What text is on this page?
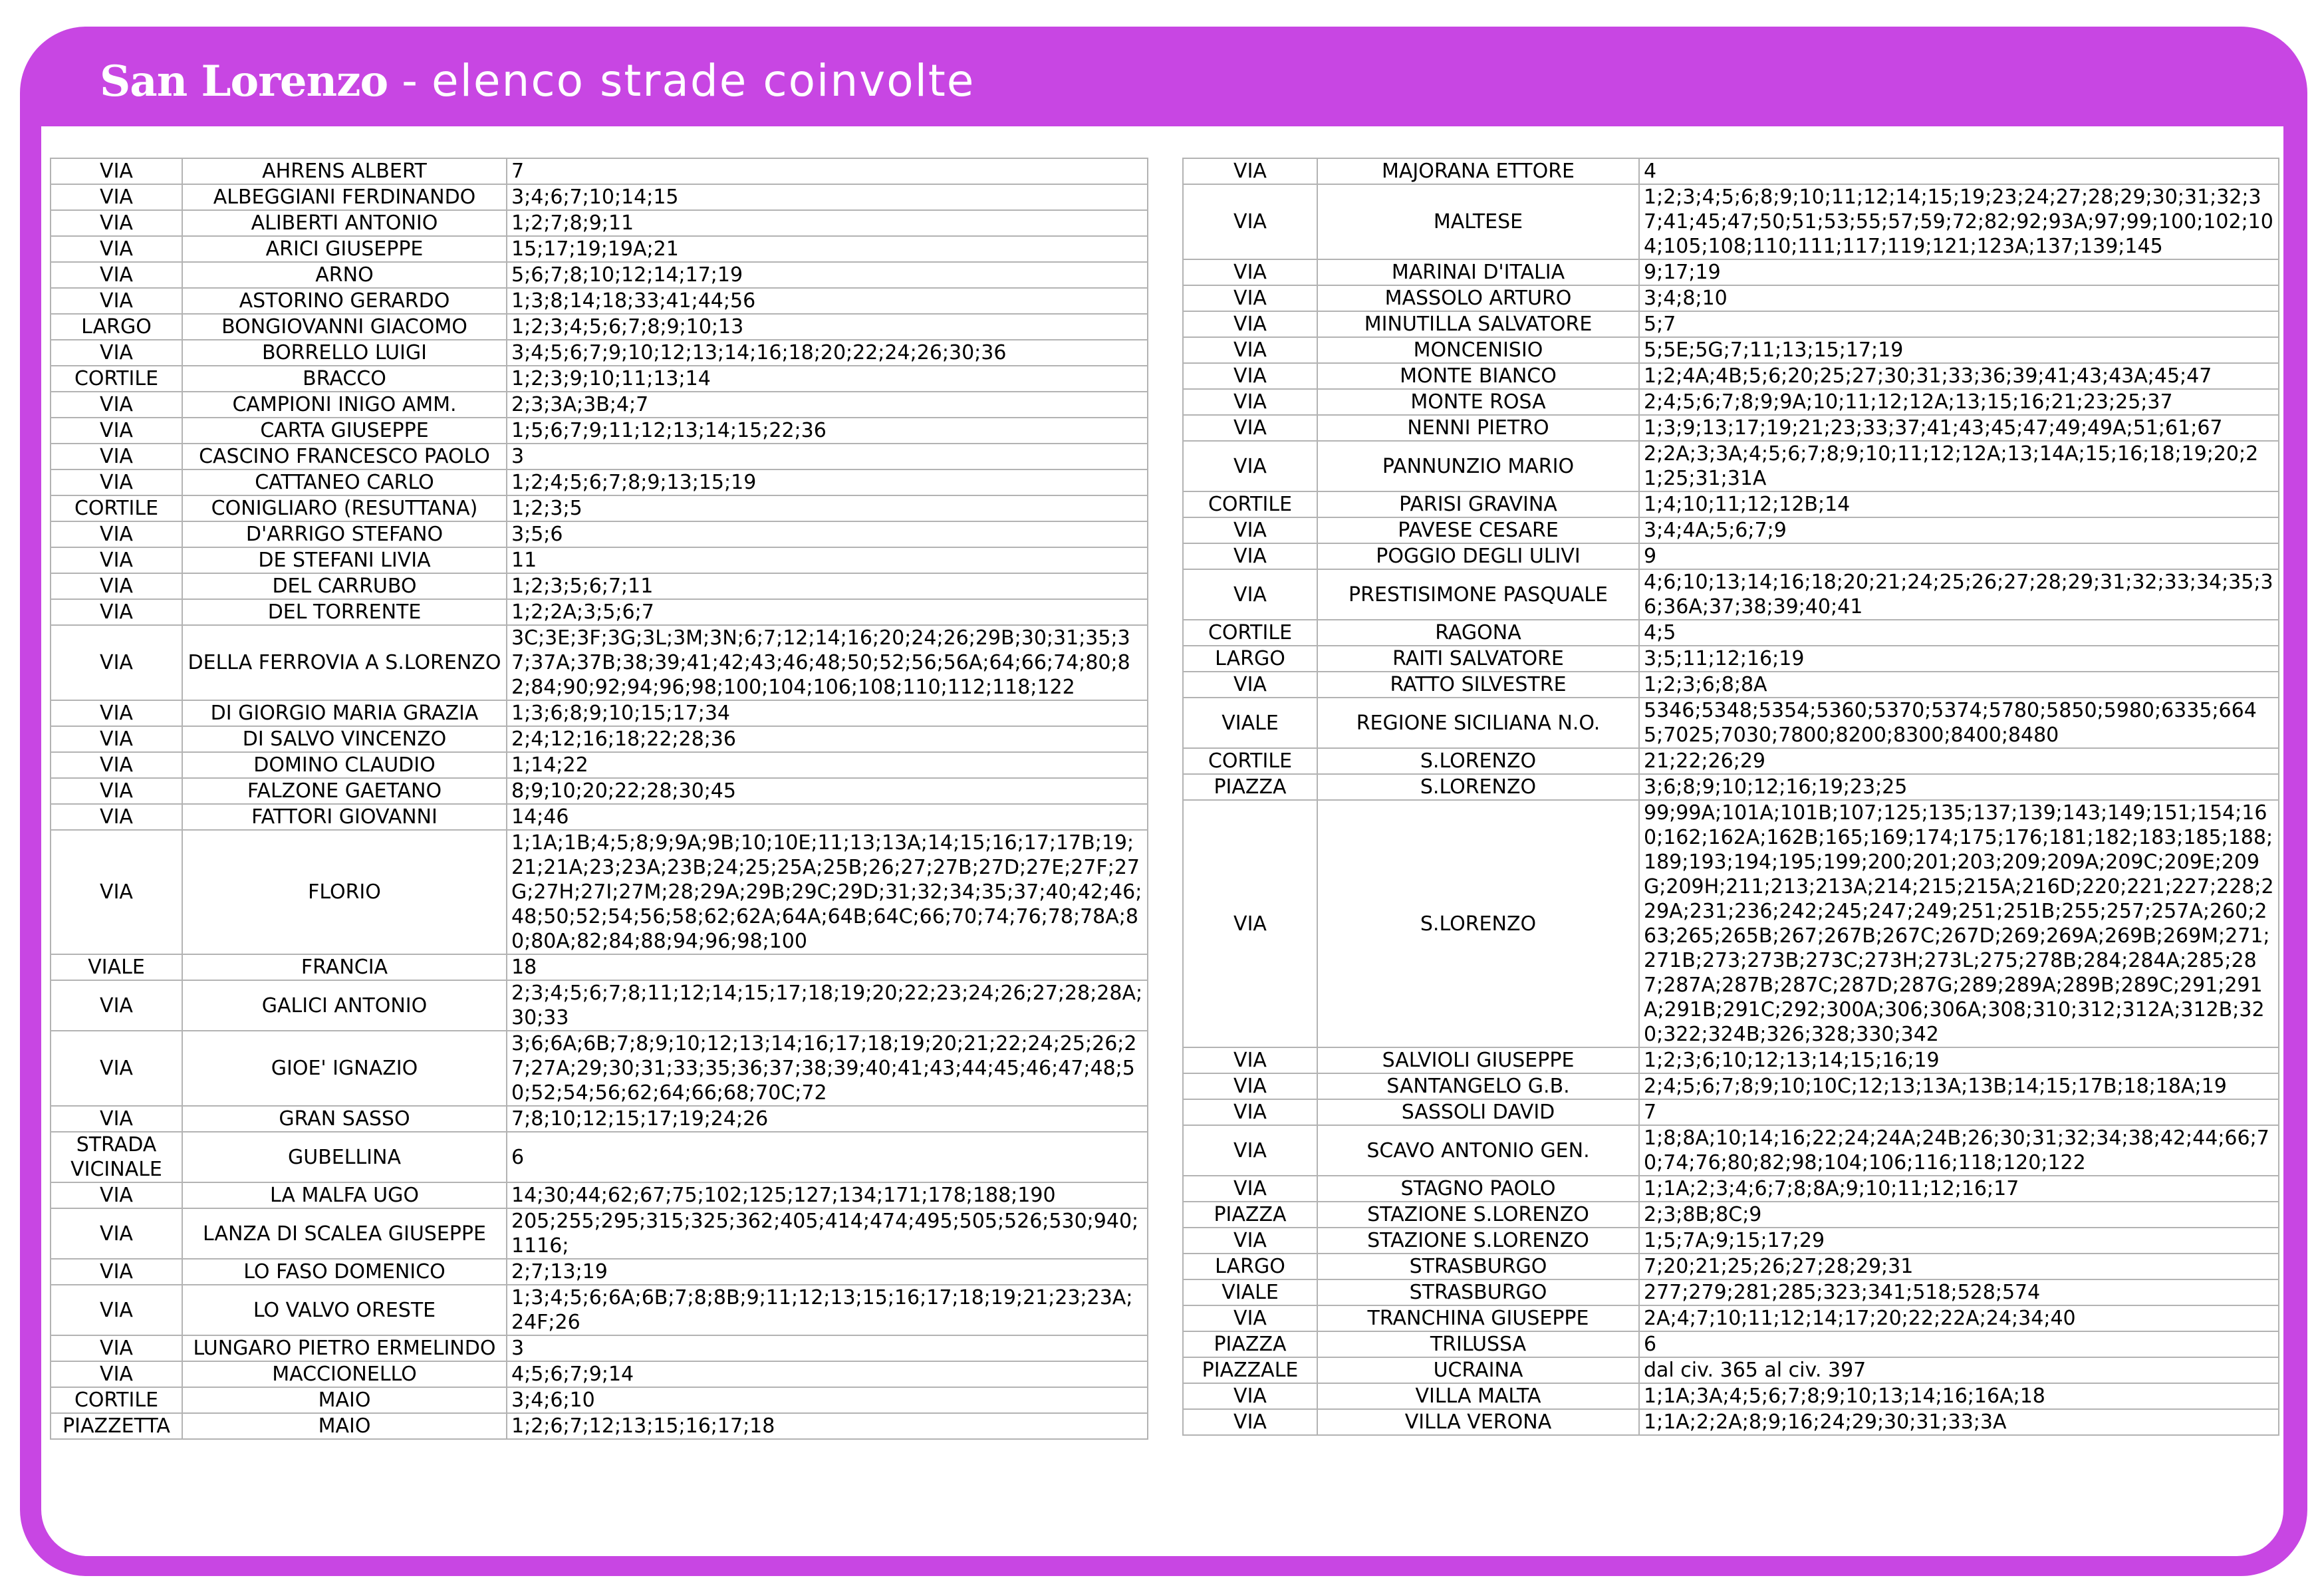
San Lorenzo - elenco strade coinvolte
VIA	AHRENS ALBERT	7
VIA	ALBEGGIANI FERDINANDO	3;4;6;7;10;14;15
VIA	ALIBERTI ANTONIO	1;2;7;8;9;11
VIA	ARICI GIUSEPPE	15;17;19;19A;21
VIA	ARNO	5;6;7;8;10;12;14;17;19
VIA	ASTORINO GERARDO	1;3;8;14;18;33;41;44;56
LARGO	BONGIOVANNI GIACOMO	1;2;3;4;5;6;7;8;9;10;13
VIA	BORRELLO LUIGI	3;4;5;6;7;9;10;12;13;14;16;18;20;22;24;26;30;36
CORTILE	BRACCO	1;2;3;9;10;11;13;14
VIA	CAMPIONI INIGO AMM.	2;3;3A;3B;4;7
VIA	CARTA GIUSEPPE	1;5;6;7;9;11;12;13;14;15;22;36
VIA	CASCINO FRANCESCO PAOLO	3
VIA	CATTANEO CARLO	1;2;4;5;6;7;8;9;13;15;19
CORTILE	CONIGLIARO (RESUTTANA)	1;2;3;5
VIA	D'ARRIGO STEFANO	3;5;6
VIA	DE STEFANI LIVIA	11
VIA	DEL CARRUBO	1;2;3;5;6;7;11
VIA	DEL TORRENTE	1;2;2A;3;5;6;7
VIA	DELLA FERROVIA A S.LORENZO	3C;3E;3F;3G;3L;3M;3N;6;7;12;14;16;20;24;26;29B;30;31;35;37;37A;37B;38;39;41;42;43;46;48;50;52;56;56A;64;66;74;80;82;84;90;92;94;96;98;100;104;106;108;110;112;118;122
VIA	DI GIORGIO MARIA GRAZIA	1;3;6;8;9;10;15;17;34
VIA	DI SALVO VINCENZO	2;4;12;16;18;22;28;36
VIA	DOMINO CLAUDIO	1;14;22
VIA	FALZONE GAETANO	8;9;10;20;22;28;30;45
VIA	FATTORI GIOVANNI	14;46
VIA	FLORIO	1;1A;1B;4;5;8;9;9A;9B;10;10E;11;13;13A;14;15;16;17;17B;19;21;21A;23;23A;23B;24;25;25A;25B;26;27;27B;27D;27E;27F;27G;27H;27I;27M;28;29A;29B;29C;29D;31;32;34;35;37;40;42;46;48;50;52;54;56;58;62;62A;64A;64B;64C;66;70;74;76;78;78A;80;80A;82;84;88;94;96;98;100
VIALE	FRANCIA	18
VIA	GALICI ANTONIO	2;3;4;5;6;7;8;11;12;14;15;17;18;19;20;22;23;24;26;27;28;28A;30;33
VIA	GIOE' IGNAZIO	3;6;6A;6B;7;8;9;10;12;13;14;16;17;18;19;20;21;22;24;25;26;27;27A;29;30;31;33;35;36;37;38;39;40;41;43;44;45;46;47;48;50;52;54;56;62;64;66;68;70C;72
VIA	GRAN SASSO	7;8;10;12;15;17;19;24;26
STRADA VICINALE	GUBELLINA	6
VIA	LA MALFA UGO	14;30;44;62;67;75;102;125;127;134;171;178;188;190
VIA	LANZA DI SCALEA GIUSEPPE	205;255;295;315;325;362;405;414;474;495;505;526;530;940;1116;
VIA	LO FASO DOMENICO	2;7;13;19
VIA	LO VALVO ORESTE	1;3;4;5;6;6A;6B;7;8;8B;9;11;12;13;15;16;17;18;19;21;23;23A;24F;26
VIA	LUNGARO PIETRO ERMELINDO	3
VIA	MACCIONELLO	4;5;6;7;9;14
CORTILE	MAIO	3;4;6;10
PIAZZETTA	MAIO	1;2;6;7;12;13;15;16;17;18
VIA	MAJORANA ETTORE	4
VIA	MALTESE	1;2;3;4;5;6;8;9;10;11;12;14;15;19;23;24;27;28;29;30;31;32;37;41;45;47;50;51;53;55;57;59;72;82;92;93A;97;99;100;102;104;105;108;110;111;117;119;121;123A;137;139;145
VIA	MARINAI D'ITALIA	9;17;19
VIA	MASSOLO ARTURO	3;4;8;10
VIA	MINUTILLA SALVATORE	5;7
VIA	MONCENISIO	5;5E;5G;7;11;13;15;17;19
VIA	MONTE BIANCO	1;2;4A;4B;5;6;20;25;27;30;31;33;36;39;41;43;43A;45;47
VIA	MONTE ROSA	2;4;5;6;7;8;9;9A;10;11;12;12A;13;15;16;21;23;25;37
VIA	NENNI PIETRO	1;3;9;13;17;19;21;23;33;37;41;43;45;47;49;49A;51;61;67
VIA	PANNUNZIO MARIO	2;2A;3;3A;4;5;6;7;8;9;10;11;12;12A;13;14A;15;16;18;19;20;21;25;31;31A
CORTILE	PARISI GRAVINA	1;4;10;11;12;12B;14
VIA	PAVESE CESARE	3;4;4A;5;6;7;9
VIA	POGGIO DEGLI ULIVI	9
VIA	PRESTISIMONE PASQUALE	4;6;10;13;14;16;18;20;21;24;25;26;27;28;29;31;32;33;34;35;36;36A;37;38;39;40;41
CORTILE	RAGONA	4;5
LARGO	RAITI SALVATORE	3;5;11;12;16;19
VIA	RATTO SILVESTRE	1;2;3;6;8;8A
VIALE	REGIONE SICILIANA N.O.	5346;5348;5354;5360;5370;5374;5780;5850;5980;6335;6645;7025;7030;7800;8200;8300;8400;8480
CORTILE	S.LORENZO	21;22;26;29
PIAZZA	S.LORENZO	3;6;8;9;10;12;16;19;23;25
VIA	S.LORENZO	99;99A;101A;101B;107;125;135;137;139;143;149;151;154;160;162;162A;162B;165;169;174;175;176;181;182;183;185;188;189;193;194;195;199;200;201;203;209;209A;209C;209E;209G;209H;211;213;213A;214;215;215A;216D;220;221;227;228;229A;231;236;242;245;247;249;251;251B;255;257;257A;260;263;265;265B;267;267B;267C;267D;269;269A;269B;269M;271;271B;273;273B;273C;273H;273L;275;278B;284;284A;285;287;287A;287B;287C;287D;287G;289;289A;289B;289C;291;291A;291B;291C;292;300A;306;306A;308;310;312;312A;312B;320;322;324B;326;328;330;342
VIA	SALVIOLI GIUSEPPE	1;2;3;6;10;12;13;14;15;16;19
VIA	SANTANGELO G.B.	2;4;5;6;7;8;9;10;10C;12;13;13A;13B;14;15;17B;18;18A;19
VIA	SASSOLI DAVID	7
VIA	SCAVO ANTONIO GEN.	1;8;8A;10;14;16;22;24;24A;24B;26;30;31;32;34;38;42;44;66;70;74;76;80;82;98;104;106;116;118;120;122
VIA	STAGNO PAOLO	1;1A;2;3;4;6;7;8;8A;9;10;11;12;16;17
PIAZZA	STAZIONE S.LORENZO	2;3;8B;8C;9
VIA	STAZIONE S.LORENZO	1;5;7A;9;15;17;29
LARGO	STRASBURGO	7;20;21;25;26;27;28;29;31
VIALE	STRASBURGO	277;279;281;285;323;341;518;528;574
VIA	TRANCHINA GIUSEPPE	2A;4;7;10;11;12;14;17;20;22;22A;24;34;40
PIAZZA	TRILUSSA	6
PIAZZALE	UCRAINA	dal civ. 365 al civ. 397
VIA	VILLA MALTA	1;1A;3A;4;5;6;7;8;9;10;13;14;16;16A;18
VIA	VILLA VERONA	1;1A;2;2A;8;9;16;24;29;30;31;33;3A
